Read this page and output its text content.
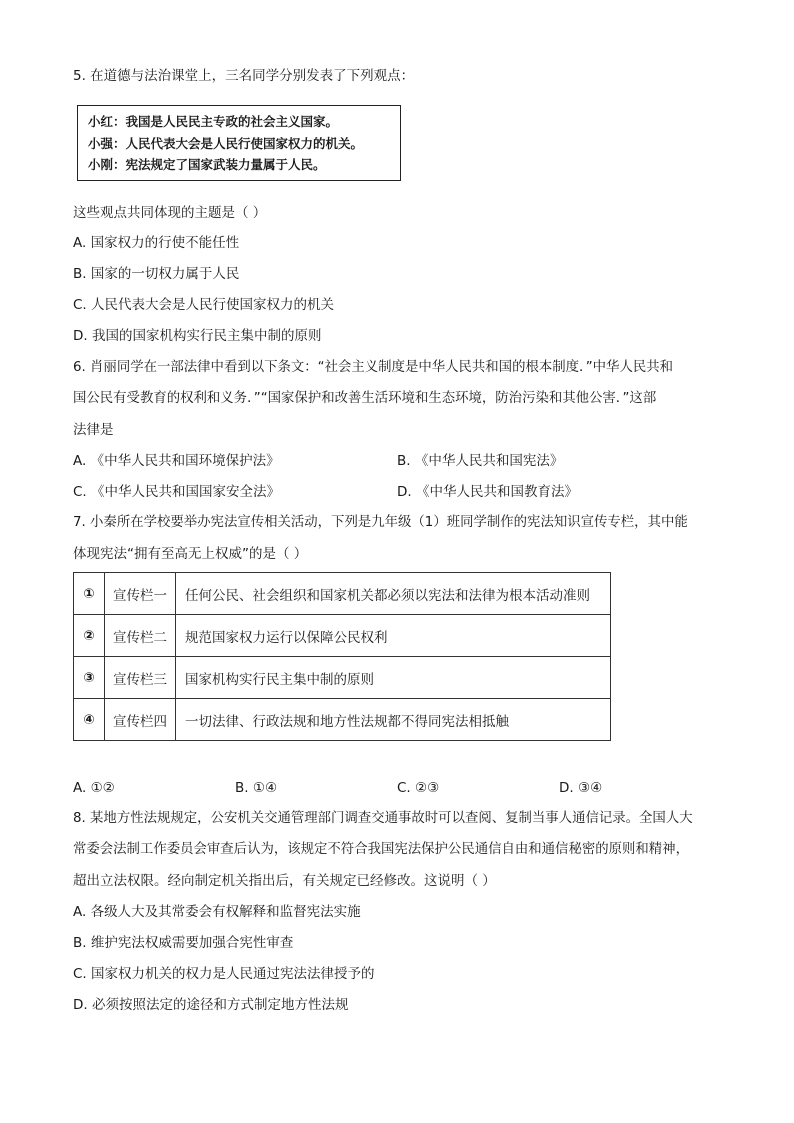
5. 在道德与法治课堂上，三名同学分别发表了下列观点：
小红：我国是人民民主专政的社会主义国家。
小强：人民代表大会是人民行使国家权力的机关。
小刚：宪法规定了国家武装力量属于人民。
这些观点共同体现的主题是（ ）
A. 国家权力的行使不能任性
B. 国家的一切权力属于人民
C. 人民代表大会是人民行使国家权力的机关
D. 我国的国家机构实行民主集中制的原则
6. 肖丽同学在一部法律中看到以下条文：“社会主义制度是中华人民共和国的根本制度．”中华人民共和
国公民有受教育的权利和义务．”“国家保护和改善生活环境和生态环境，防治污染和其他公害．”这部
法律是
A. 《中华人民共和国环境保护法》	B. 《中华人民共和国宪法》
C. 《中华人民共和国国家安全法》	D. 《中华人民共和国教育法》
7. 小秦所在学校要举办宪法宣传相关活动，下列是九年级（1）班同学制作的宪法知识宣传专栏，其中能
体现宪法“拥有至高无上权威”的是（ ）
①	宣传栏一	任何公民、社会组织和国家机关都必须以宪法和法律为根本活动准则
②	宣传栏二	规范国家权力运行以保障公民权利
③	宣传栏三	国家机构实行民主集中制的原则
④	宣传栏四	一切法律、行政法规和地方性法规都不得同宪法相抵触
A. ①②	B. ①④	C. ②③	D. ③④
8. 某地方性法规规定，公安机关交通管理部门调查交通事故时可以查阅、复制当事人通信记录。全国人大
常委会法制工作委员会审查后认为，该规定不符合我国宪法保护公民通信自由和通信秘密的原则和精神，
超出立法权限。经向制定机关指出后，有关规定已经修改。这说明（ ）
A. 各级人大及其常委会有权解释和监督宪法实施
B. 维护宪法权威需要加强合宪性审查
C. 国家权力机关的权力是人民通过宪法法律授予的
D. 必须按照法定的途径和方式制定地方性法规
